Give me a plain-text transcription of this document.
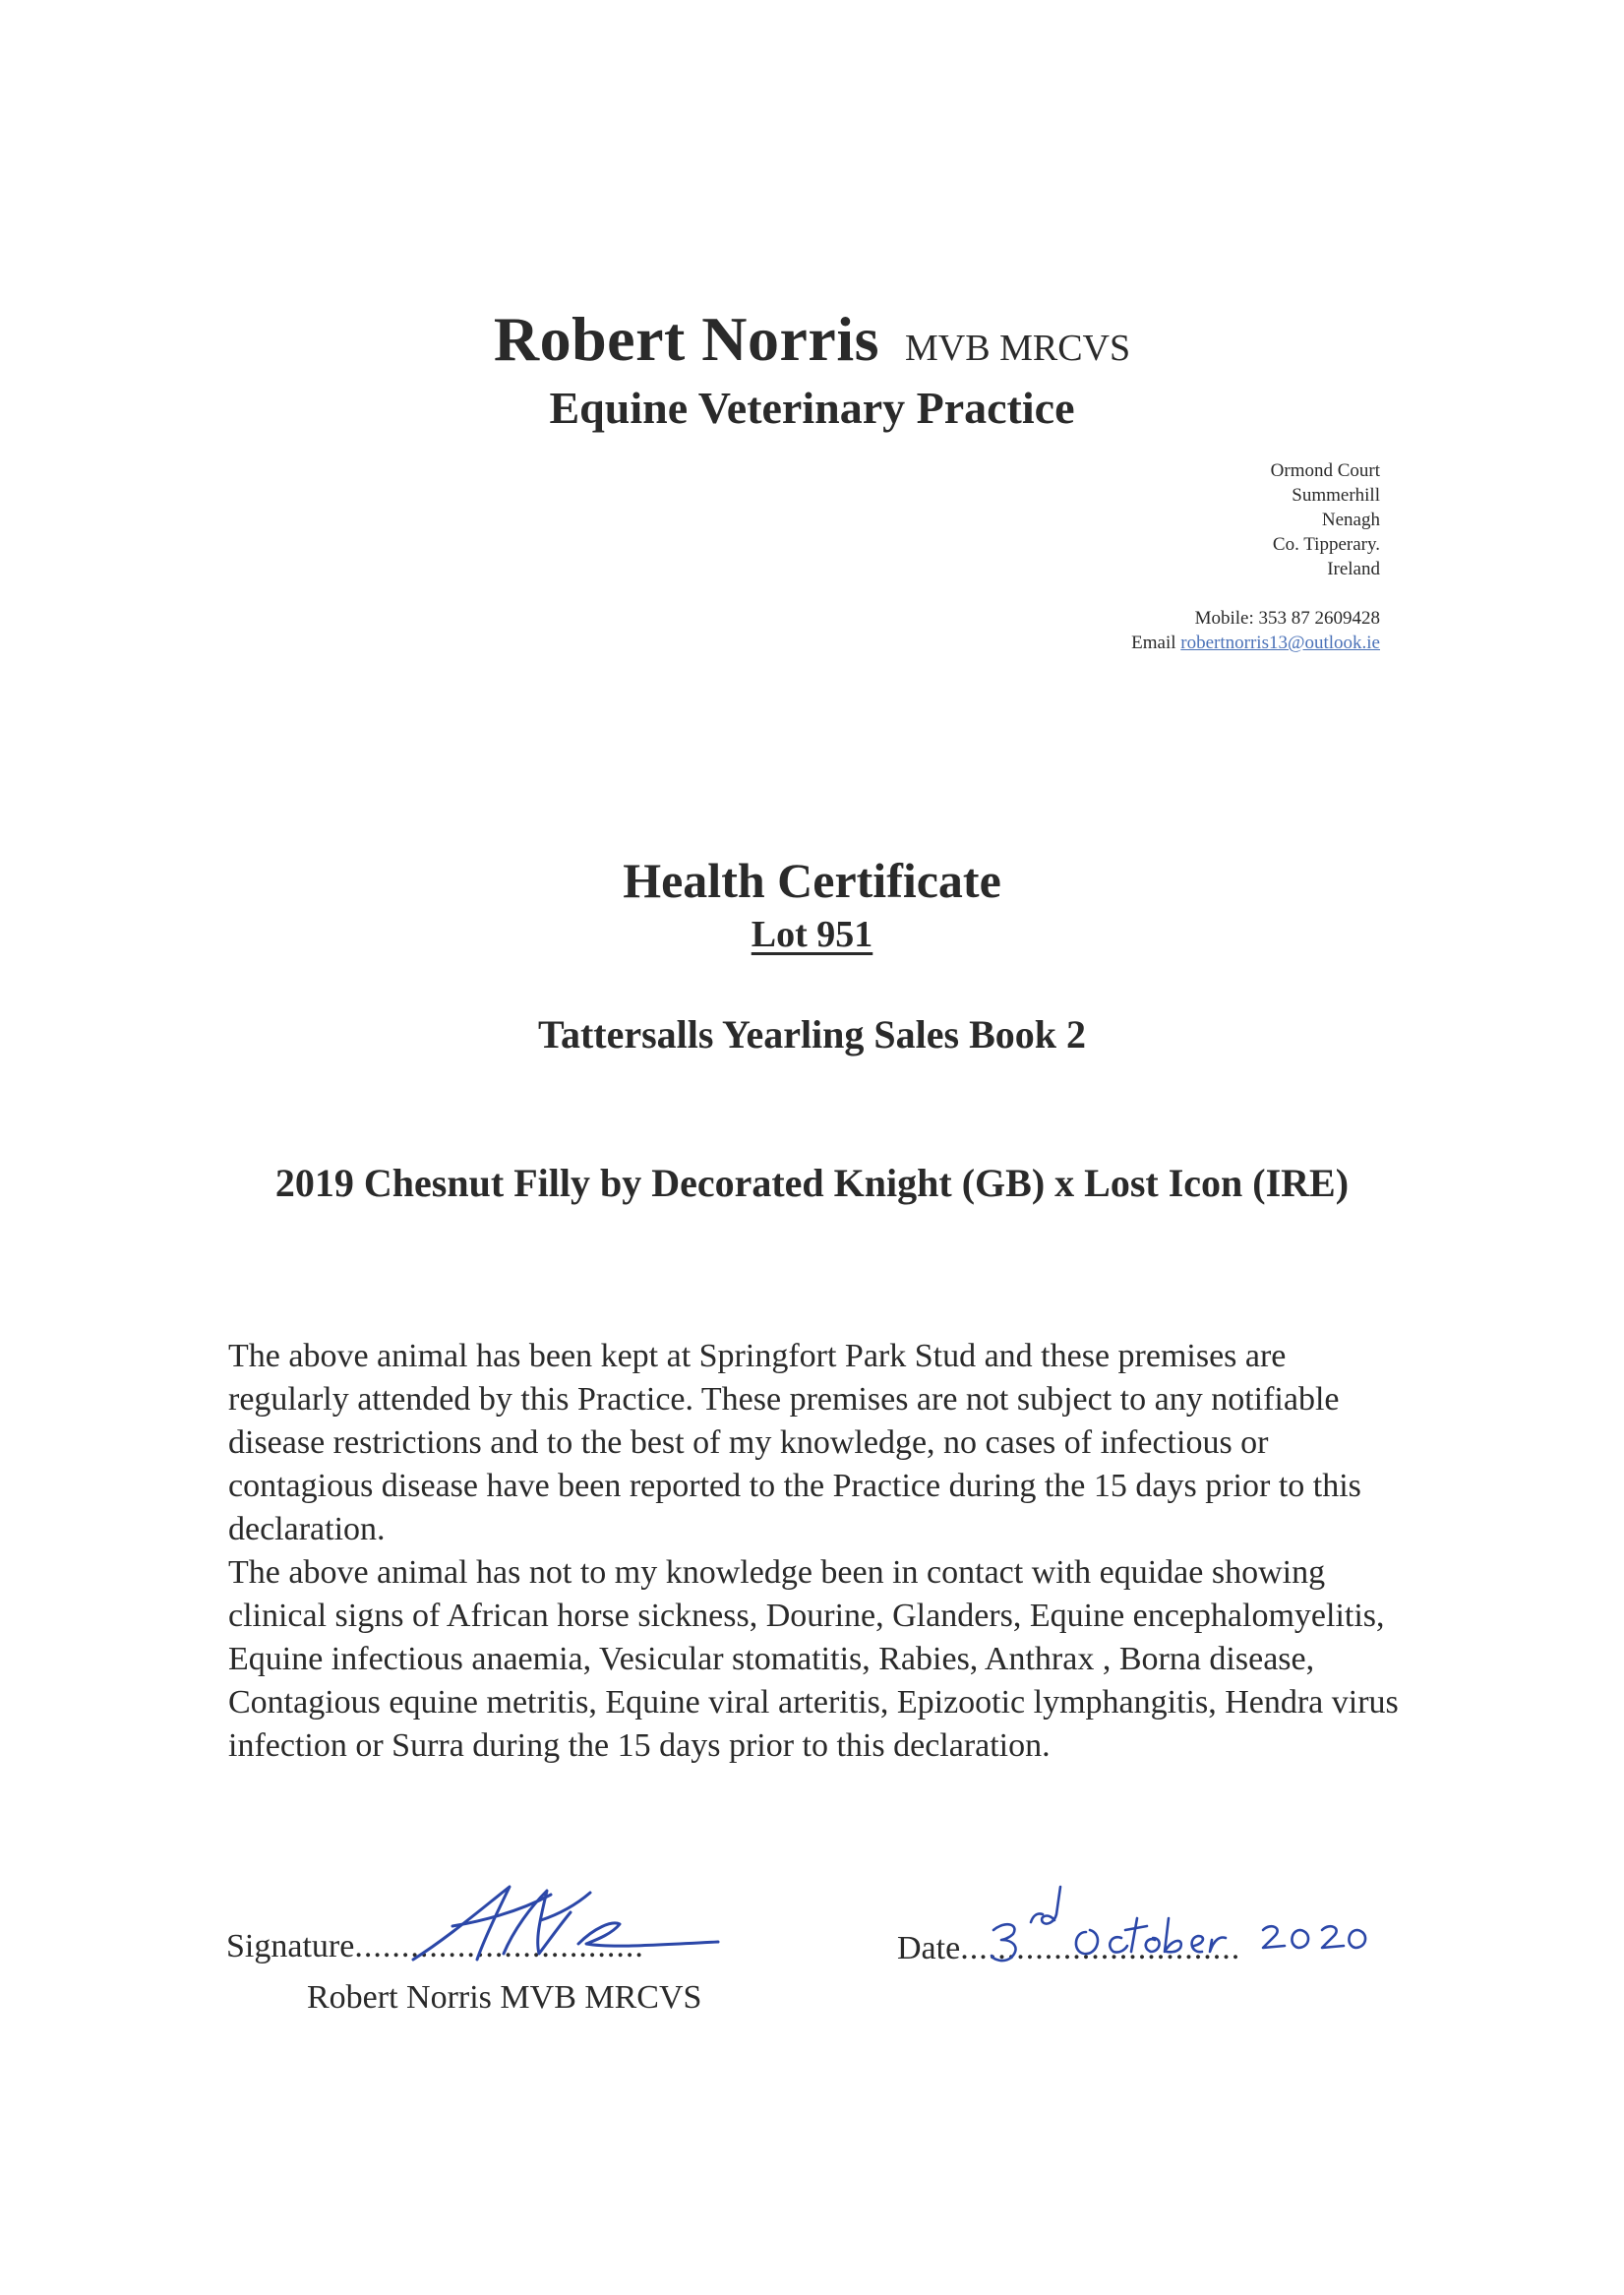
Robert Norris MVB MRCVS
Equine Veterinary Practice
Ormond Court
Summerhill
Nenagh
Co. Tipperary.
Ireland
Mobile: 353 87 2609428
Email robertnorris13@outlook.ie
Health Certificate
Lot 951
Tattersalls Yearling Sales Book 2
2019 Chesnut Filly by Decorated Knight (GB) x Lost Icon (IRE)

The above animal has been kept at Springfort Park Stud and these premises are regularly attended by this Practice. These premises are not subject to any notifiable disease restrictions and to the best of my knowledge, no cases of infectious or contagious disease have been reported to the Practice during the 15 days prior to this declaration.

The above animal has not to my knowledge been in contact with equidae showing clinical signs of African horse sickness, Dourine, Glanders, Equine encephalomyelitis, Equine infectious anaemia, Vesicular stomatitis, Rabies, Anthrax , Borna disease, Contagious equine metritis, Equine viral arteritis, Epizootic lymphangitis, Hendra virus infection or Surra during the 15 days prior to this declaration.

Signature ...............................
Robert Norris MVB MRCVS
Date ..............................
